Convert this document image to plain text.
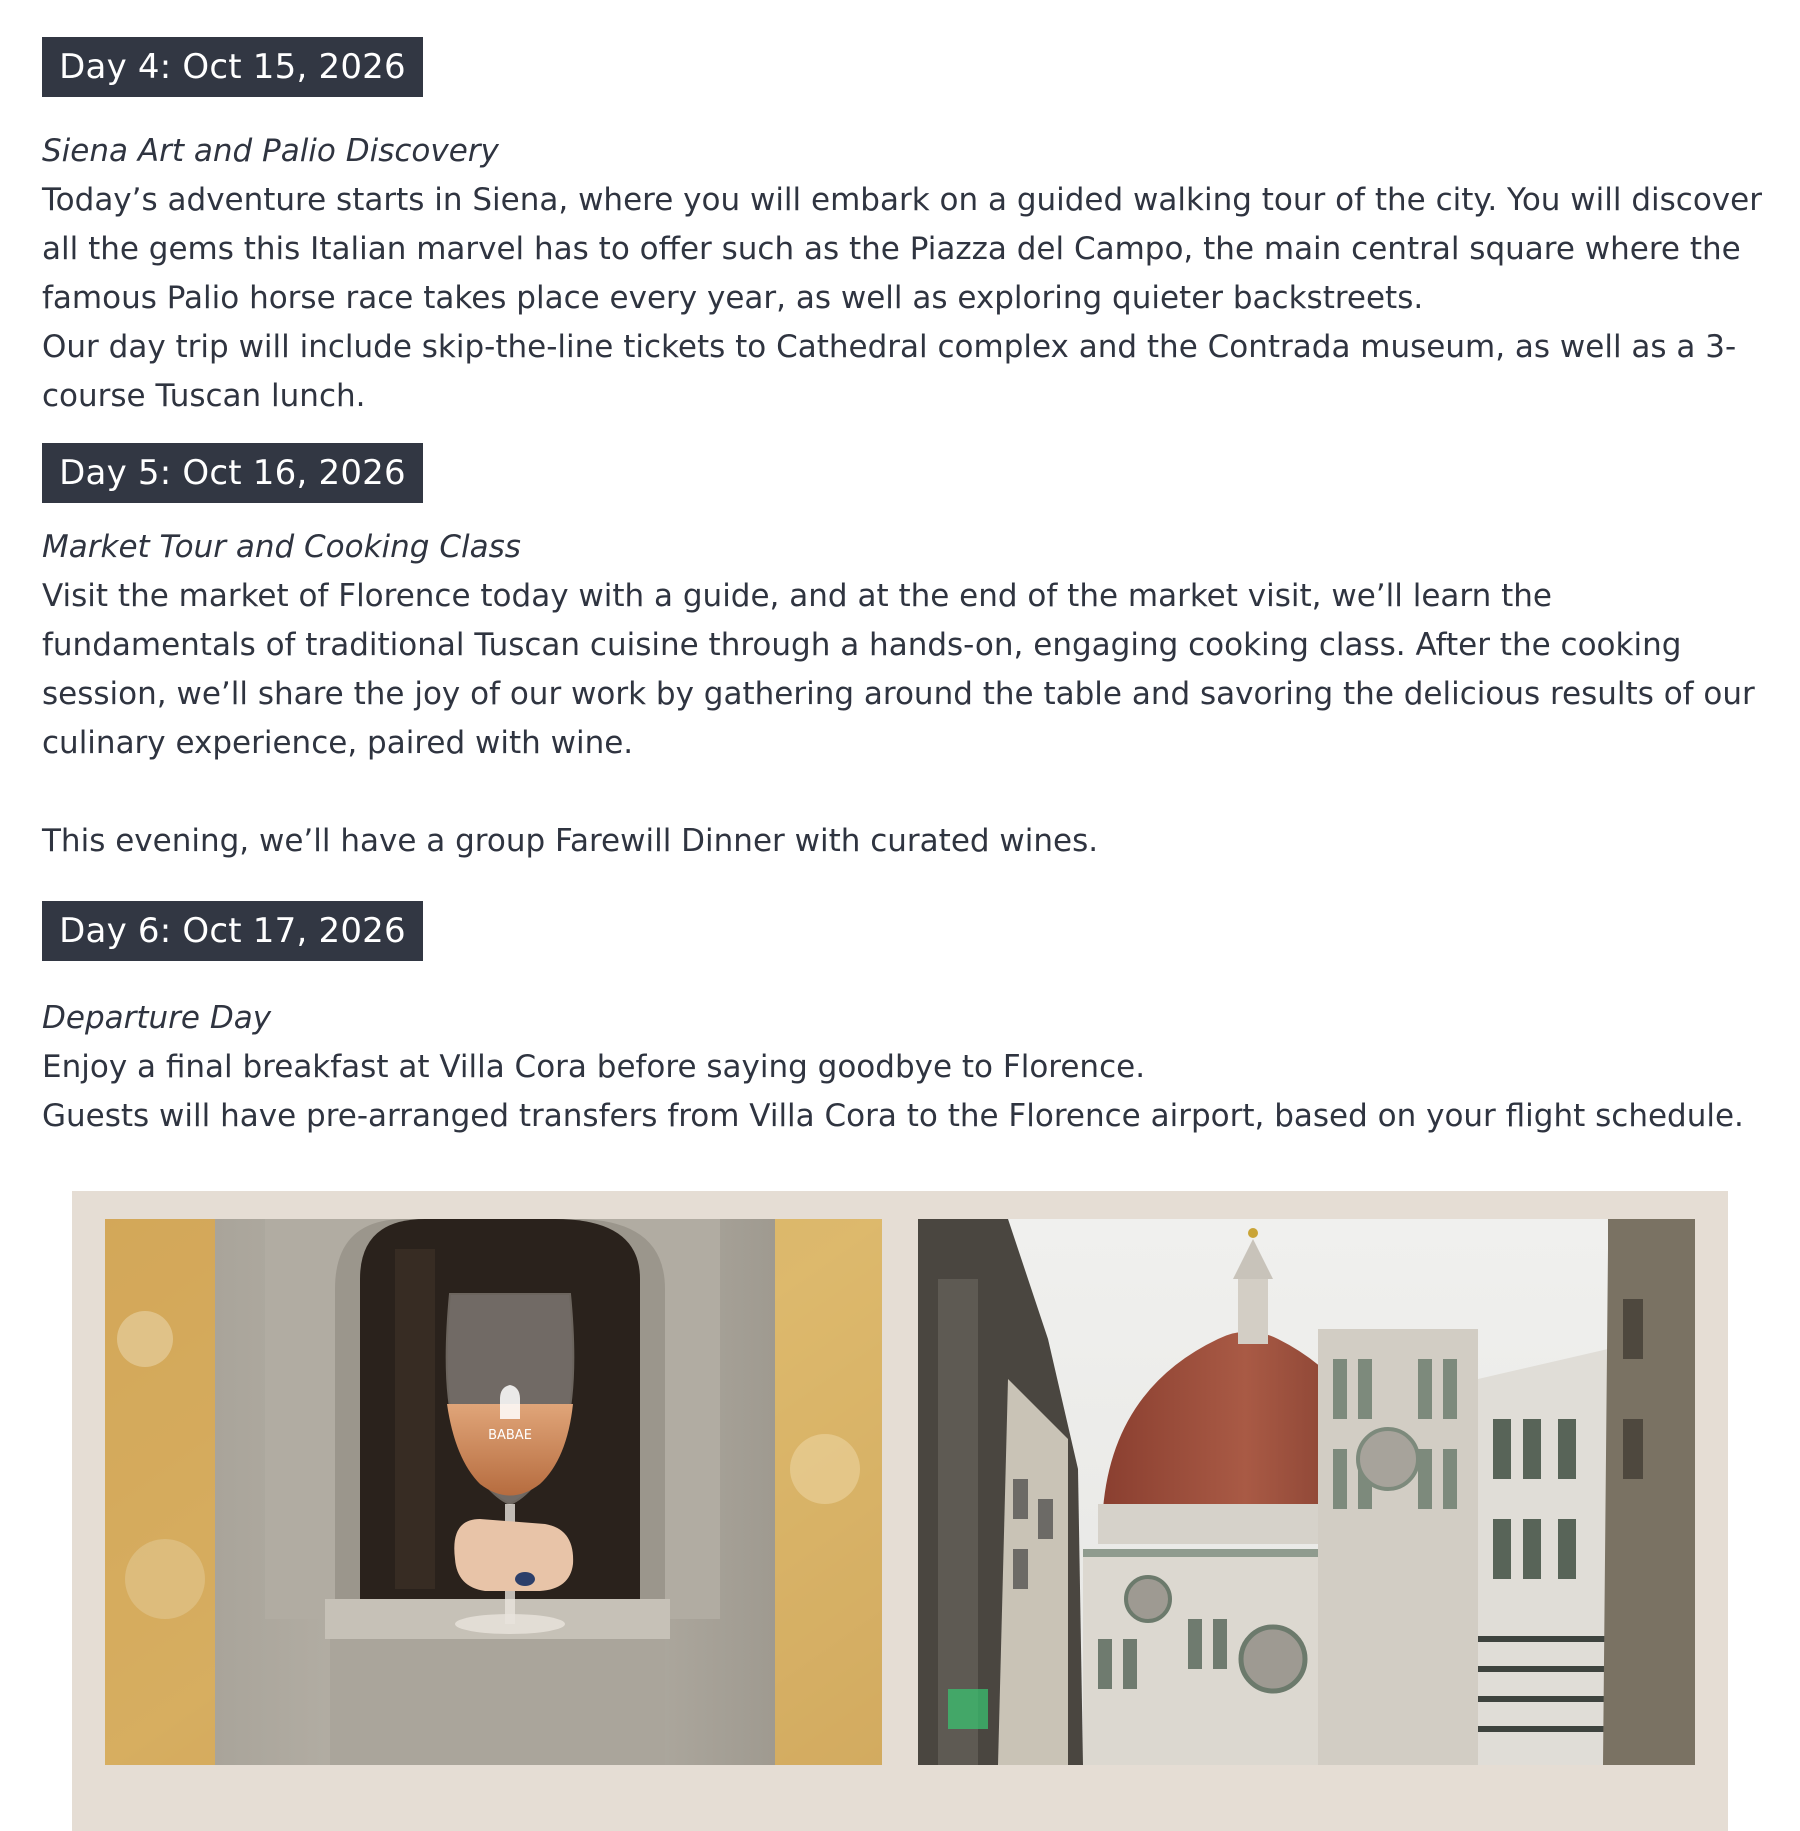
Day 4: Oct 15, 2026
Siena Art and Palio Discovery

Today’s adventure starts in Siena, where you will embark on a guided walking tour of the city. You will discover all the gems this Italian marvel has to offer such as the Piazza del Campo, the main central square where the famous Palio horse race takes place every year, as well as exploring quieter backstreets.

Our day trip will include skip-the-line tickets to Cathedral complex and the Contrada museum, as well as a 3-course Tuscan lunch.

Day 5: Oct 16, 2026
Market Tour and Cooking Class

Visit the market of Florence today with a guide, and at the end of the market visit, we’ll learn the fundamentals of traditional Tuscan cuisine through a hands-on, engaging cooking class. After the cooking session, we’ll share the joy of our work by gathering around the table and savoring the delicious results of our culinary experience, paired with wine.

This evening, we’ll have a group Farewill Dinner with curated wines.

Day 6: Oct 17, 2026
Departure Day

Enjoy a final breakfast at Villa Cora before saying goodbye to Florence.

Guests will have pre-arranged transfers from Villa Cora to the Florence airport, based on your flight schedule.

BABAE
